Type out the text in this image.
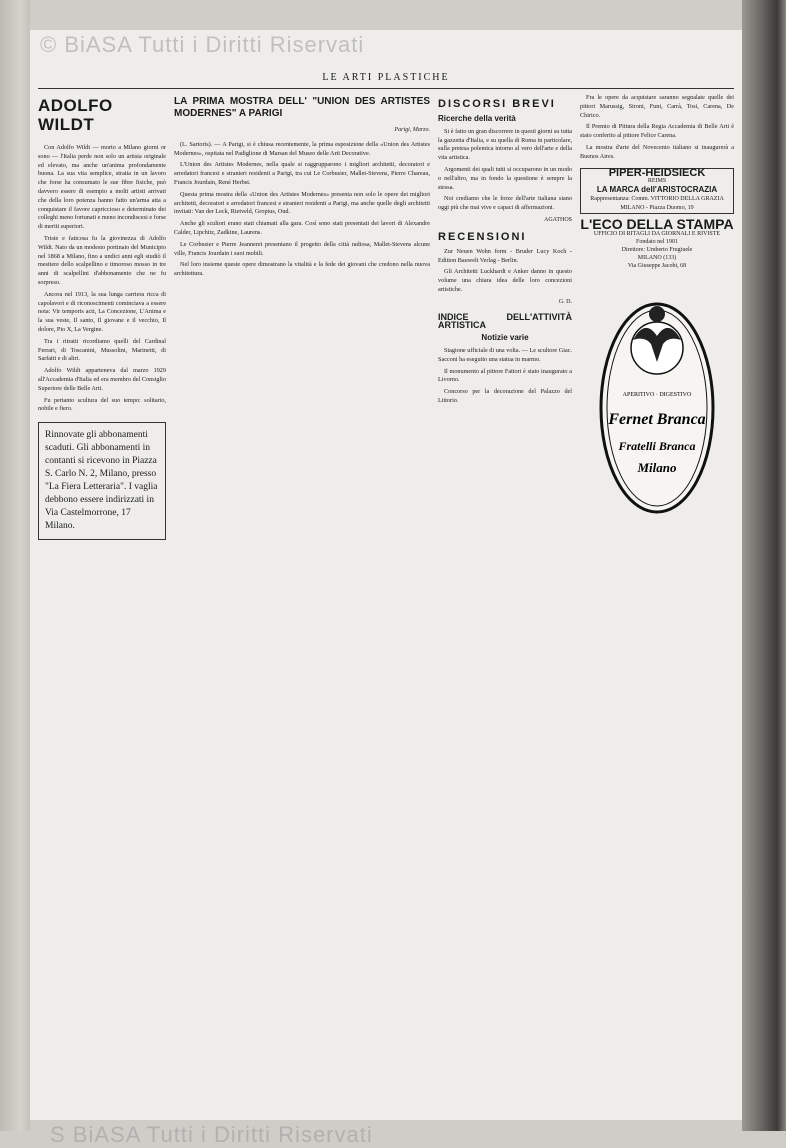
© BiASA Tutti i Diritti Riservati
LE ARTI PLASTICHE
ADOLFO WILDT

Con Adolfo Wildt — morto a Milano giorni or sono — l'Italia perde non solo un artista originale ed elevato, ma anche un'anima profondamente buona. La sua vita semplice, straita in un lavoro che forse ha consumato le sue fibre fisiche, può davvero essere di esempio a molti artisti arrivati che della loro potenza hanno fatto un'arma atta a conquistare il favore capriccioso e determinato dei colleghi meno fortunati e meno incondiscesi e forse di meriti superiori.

Triste e faticosa fu la giovinezza di Adolfo Wildt. Nato da un modesto portinaio del Municipio nel 1868 a Milano, fino a undici anni egli studiò il mestiere dello scalpellino e timoroso mosso in tre anni di scalpellini d'abbonamento che ne fu sorpreso.

Ancora nel 1913, la sua lunga carriera ricca di capolavori e di riconoscimenti cominciava a essere nota: Vir temporis acti, La Concezione, L'Anima e la sua veste, Il santo, Il giovane e il vecchio, Il dolore, Pio X, La Vergine.

Tra i ritratti ricordiamo quelli del Cardinal Ferrari, di Toscanini, Mussolini, Marinetti, di Sarfatti e di altri.

Adolfo Wildt apparteneva dal marzo 1929 all'Accademia d'Italia ed era membro del Consiglio Superiore delle Belle Arti.

Fu pertanto scultura del suo tempo: solitario, nobile e fiero.

Rinnovate gli abbonamenti scaduti. Gli abbonamenti in contanti si ricevono in Piazza S. Carlo N. 2, Milano, presso "La Fiera Letteraria". I vaglia debbono essere indirizzati in Via Castelmorrone, 17 Milano.
LA PRIMA MOSTRA DELL' "UNION DES ARTISTES MODERNES" A PARIGI
Parigi, Marzo.

(L. Sartoris). — A Parigi, si è chiusa recentemente, la prima esposizione della «Union des Artistes Modernes», ospitata nel Padiglione di Marsan del Museo delle Arti Decorative.

L'Union des Artistes Modernes, nella quale si raggrupparono i migliori architetti, decoratori e arredatori francesi e stranieri residenti a Parigi, tra cui Le Corbusier, Mallet-Stevens, Pierre Chareau, Francis Jourdain, René Herbst.

Questa prima mostra della «Union des Artistes Modernes» presenta non solo le opere dei migliori architetti, decoratori e arredatori francesi e stranieri residenti a Parigi, ma anche quelle degli architetti invitati: Van der Leck, Rietveld, Gropius, Oud.

Anche gli scultori erano stati chiamati alla gara. Così sono stati presentati dei lavori di Alexandre Calder, Lipchitz, Zadkine, Laurens.

Le Corbusier e Pierre Jeanneret presentano il progetto della città radiosa, Mallet-Stevens alcune ville, Francis Jourdain i suoi mobili.

Nel loro insieme queste opere dimostrano la vitalità e la fede dei giovani che credono nella nuova architettura.

DISCORSI BREVI
Ricerche della verità

Si è fatto un gran discorrere in questi giorni su tutta la gazzetta d'Italia, e su quella di Roma in particolare, sulla pretesa polemica intorno al vero dell'arte e della vita artistica.

Argomenti dei quali tutti si occuparono in un modo o nell'altro, ma in fondo la questione è sempre la stessa.

Noi crediamo che le forze dell'arte italiana siano oggi più che mai vive e capaci di affermazioni.

AGATHOS
RECENSIONI

Zur Neuen Wohn form - Bruder Lucy Koch - Edition Bauwelt Verlag - Berlin.

Gli Architetti Luckhardt e Anker danno in questo volume una chiara idea delle loro concezioni artistiche.

G. D.
INDICE DELL'ATTIVITÀ ARTISTICA
Notizie varie

Stagione ufficiale di una volta. — Le scultore Giac. Sacconi ha eseguito una statua in marmo.

Il monumento al pittore Fattori è stato inaugurato a Livorno.

Concorso per la decorazione del Palazzo del Littorio.

Fra le opere da acquistare saranno segnalate quelle dei pittori Marussig, Sironi, Funi, Carrà, Tosi, Carena, De Chirico.

Il Premio di Pittura della Regia Accademia di Belle Arti è stato conferito al pittore Felice Carena.

La mostra d'arte del Novecento italiano si inaugurerà a Buenos Aires.

PIPER-HEIDSIECK
REIMS
LA MARCA dell'ARISTOCRAZIA
Rappresentanza: Comm. VITTORIO DELLA GRAZIA
MILANO - Piazza Duomo, 19
L'ECO DELLA STAMPA
UFFICIO DI RITAGLI DA GIORNALI E RIVISTE
Fondato nel 1901
Direttore: Umberto Frugiuele
MILANO (133)
Via Giuseppe Jacobi, 68
APERITIVO · DIGESTIVO
Fernet Branca
Fratelli Branca
Milano
S BiASA Tutti i Diritti Riservati
